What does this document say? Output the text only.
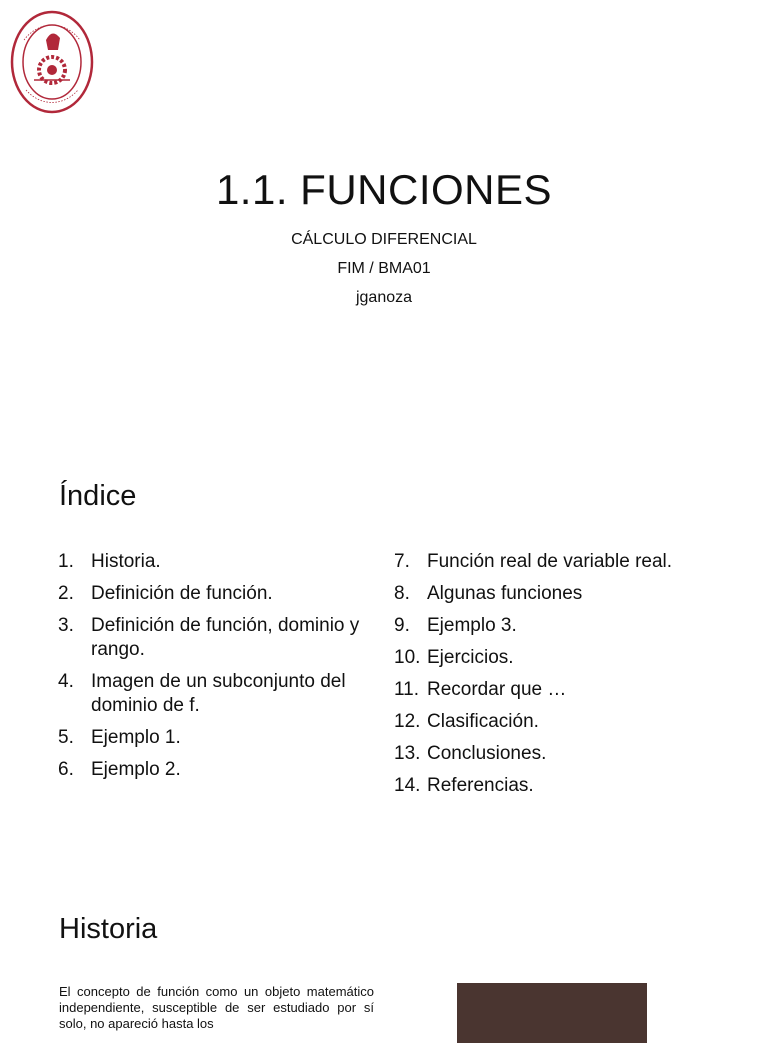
1.1. FUNCIONES
CÁLCULO DIFERENCIAL
FIM / BMA01
jganoza
Índice
1. Historia.
2. Definición de función.
3. Definición de función, dominio y rango.
4. Imagen de un subconjunto del dominio de f.
5. Ejemplo 1.
6. Ejemplo 2.
7. Función real de variable real.
8. Algunas funciones
9. Ejemplo 3.
10. Ejercicios.
11. Recordar que …
12. Clasificación.
13. Conclusiones.
14. Referencias.
Historia
El concepto de función como un objeto matemático independiente, susceptible de ser estudiado por sí solo, no apareció hasta los
